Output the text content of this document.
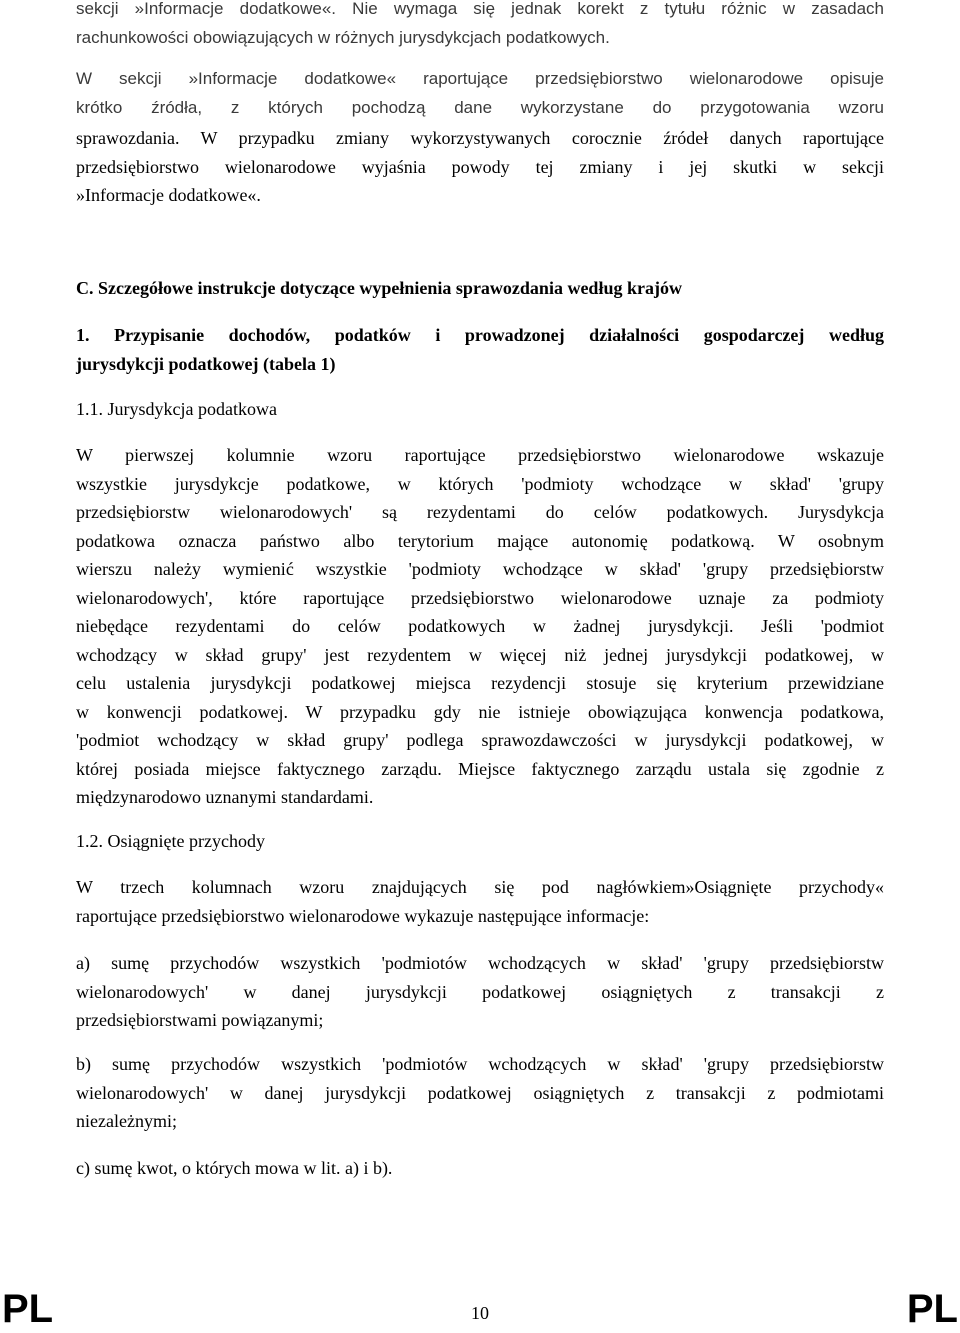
sekcji »Informacje dodatkowe«. Nie wymaga się jednak korekt z tytułu różnic w zasadach
rachunkowości obowiązujących w różnych jurysdykcjach podatkowych.
W sekcji »Informacje dodatkowe« raportujące przedsiębiorstwo wielonarodowe opisuje
krótko źródła, z których pochodzą dane wykorzystane do przygotowania wzoru
sprawozdania. W przypadku zmiany wykorzystywanych corocznie źródeł danych raportujące
przedsiębiorstwo wielonarodowe wyjaśnia powody tej zmiany i jej skutki w sekcji
»Informacje dodatkowe«.
C. Szczegółowe instrukcje dotyczące wypełnienia sprawozdania według krajów
1. Przypisanie dochodów, podatków i prowadzonej działalności gospodarczej według
jurysdykcji podatkowej (tabela 1)
1.1. Jurysdykcja podatkowa
W pierwszej kolumnie wzoru raportujące przedsiębiorstwo wielonarodowe wskazuje
wszystkie jurysdykcje podatkowe, w których 'podmioty wchodzące w skład' 'grupy
przedsiębiorstw wielonarodowych' są rezydentami do celów podatkowych. Jurysdykcja
podatkowa oznacza państwo albo terytorium mające autonomię podatkową. W osobnym
wierszu należy wymienić wszystkie 'podmioty wchodzące w skład' 'grupy przedsiębiorstw
wielonarodowych', które raportujące przedsiębiorstwo wielonarodowe uznaje za podmioty
niebędące rezydentami do celów podatkowych w żadnej jurysdykcji. Jeśli 'podmiot
wchodzący w skład grupy' jest rezydentem w więcej niż jednej jurysdykcji podatkowej, w
celu ustalenia jurysdykcji podatkowej miejsca rezydencji stosuje się kryterium przewidziane
w konwencji podatkowej. W przypadku gdy nie istnieje obowiązująca konwencja podatkowa,
'podmiot wchodzący w skład grupy' podlega sprawozdawczości w jurysdykcji podatkowej, w
której posiada miejsce faktycznego zarządu. Miejsce faktycznego zarządu ustala się zgodnie z
międzynarodowo uznanymi standardami.
1.2. Osiągnięte przychody
W trzech kolumnach wzoru znajdujących się pod nagłówkiem»Osiągnięte przychody«
raportujące przedsiębiorstwo wielonarodowe wykazuje następujące informacje:
a) sumę przychodów wszystkich 'podmiotów wchodzących w skład' 'grupy przedsiębiorstw
wielonarodowych' w danej jurysdykcji podatkowej osiągniętych z transakcji z
przedsiębiorstwami powiązanymi;
b) sumę przychodów wszystkich 'podmiotów wchodzących w skład' 'grupy przedsiębiorstw
wielonarodowych' w danej jurysdykcji podatkowej osiągniętych z transakcji z podmiotami
niezależnymi;
c) sumę kwot, o których mowa w lit. a) i b).
PL	10	PL
